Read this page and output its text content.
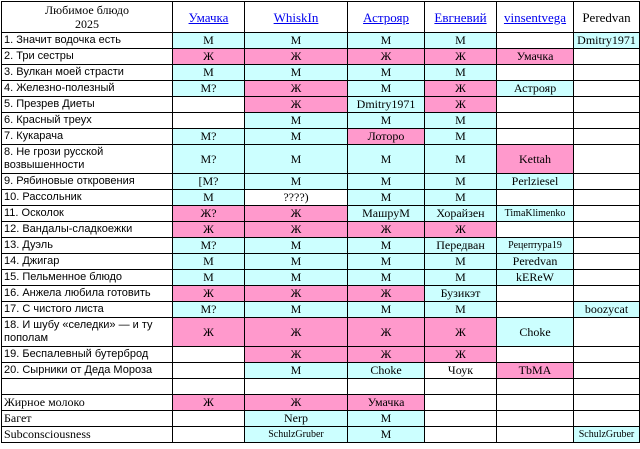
Любимое блюдо
2025	Умачка	WhiskIn	Астрояр	Евгневий	vinsentvega	Peredvan
1. Значит водочка есть	М	М	М	М		Dmitry1971
2. Три сестры	Ж	Ж	Ж	Ж	Умачка	
3. Вулкан моей страсти	М	М	М	М		
4. Железно-полезный	М?	Ж	М	Ж	Астрояр	
5. Презрев Диеты		Ж	Dmitry1971	Ж		
6. Красный треух		М	М	М		
7. Кукарача	М?	М	Лоторо	М		
8. Не грози русской возвышенности	М?	М	М	М	Kettah	
9. Рябиновые откровения	[М?	М	М	М	Perlziesel	
10. Рассольник	М	????)	М	М		
11. Осколок	Ж?	Ж	МашруМ	Хорайзен	TimaKlimenko	
12. Вандалы-сладкоежки	Ж	Ж	Ж	Ж		
13. Дуэль	М?	М	М	Передван	Рецептура19	
14. Джигар	М	М	М	М	Peredvan	
15. Пельменное блюдо	М	М	М	М	kEReW	
16. Анжела любила готовить	Ж	Ж	Ж	Бузикэт		
17. С чистого листа	М?	М	М	М		boozycat
18. И шубу «селедки» — и ту пополам	Ж	Ж	Ж	Ж	Choke	
19. Беспалевный бутерброд		Ж	Ж	Ж		
20. Сырники от Деда Мороза		М	Choke	Чоук	TbMA	

Жирное молоко	Ж	Ж	Умачка			
Багет		Nerp	М			
Subconsciousness		SchulzGruber	М			SchulzGruber
